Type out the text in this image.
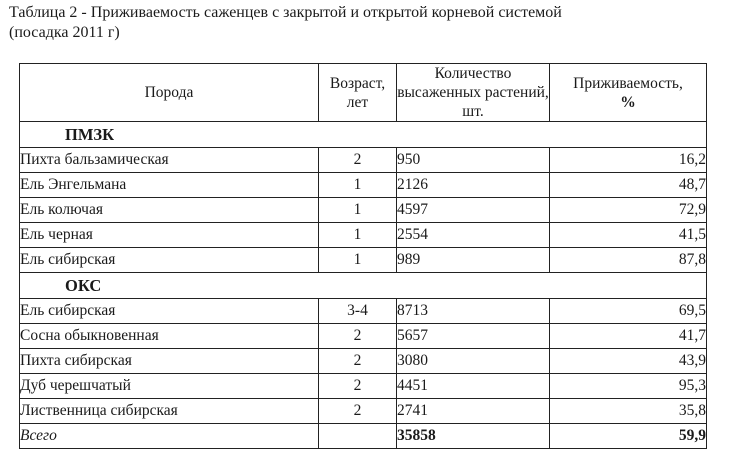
Таблица 2 - Приживаемость саженцев с закрытой и открытой корневой системой
(посадка 2011 г)
Порода	Возраст, лет	Количество высаженных растений, шт.	Приживаемость,
%
ПМЗК			
Пихта бальзамическая	2	950	16,2
Ель Энгельмана	1	2126	48,7
Ель колючая	1	4597	72,9
Ель черная	1	2554	41,5
Ель сибирская	1	989	87,8
ОКС			
Ель сибирская	3-4	8713	69,5
Сосна обыкновенная	2	5657	41,7
Пихта сибирская	2	3080	43,9
Дуб черешчатый	2	4451	95,3
Лиственница сибирская	2	2741	35,8
Всего		35858	59,9
